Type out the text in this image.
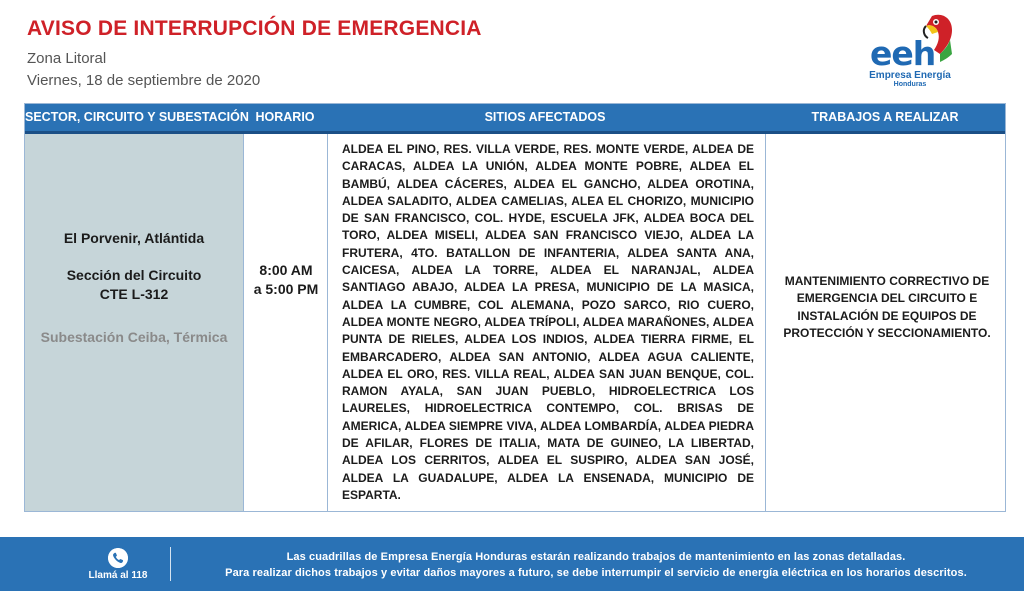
AVISO DE INTERRUPCIÓN DE EMERGENCIA
Zona Litoral
Viernes, 18 de septiembre de 2020
eeh
Empresa Energía
Honduras
SECTOR, CIRCUITO Y SUBESTACIÓN HORARIO	SITIOS AFECTADOS	TRABAJOS A REALIZAR
El Porvenir, Atlántida
Sección del Circuito
CTE L-312
Subestación Ceiba, Térmica
8:00 AM
a 5:00 PM
ALDEA EL PINO, RES. VILLA VERDE, RES. MONTE VERDE, ALDEA DE CARACAS, ALDEA LA UNIÓN, ALDEA MONTE POBRE, ALDEA EL BAMBÚ, ALDEA CÁCERES, ALDEA EL GANCHO, ALDEA OROTINA, ALDEA SALADITO, ALDEA CAMELIAS, ALEA EL CHORIZO, MUNICIPIO DE SAN FRANCISCO, COL. HYDE, ESCUELA JFK, ALDEA BOCA DEL TORO, ALDEA MISELI, ALDEA SAN FRANCISCO VIEJO, ALDEA LA FRUTERA, 4TO. BATALLON DE INFANTERIA, ALDEA SANTA ANA, CAICESA, ALDEA LA TORRE, ALDEA EL NARANJAL, ALDEA SANTIAGO ABAJO, ALDEA LA PRESA, MUNICIPIO DE LA MASICA, ALDEA LA CUMBRE, COL ALEMANA, POZO SARCO, RIO CUERO, ALDEA MONTE NEGRO, ALDEA TRÍPOLI, ALDEA MARAÑONES, ALDEA PUNTA DE RIELES, ALDEA LOS INDIOS, ALDEA TIERRA FIRME, EL EMBARCADERO, ALDEA SAN ANTONIO, ALDEA AGUA CALIENTE, ALDEA EL ORO, RES. VILLA REAL, ALDEA SAN JUAN BENQUE, COL. RAMON AYALA, SAN JUAN PUEBLO, HIDROELECTRICA LOS LAURELES, HIDROELECTRICA CONTEMPO, COL. BRISAS DE AMERICA, ALDEA SIEMPRE VIVA, ALDEA LOMBARDÍA, ALDEA PIEDRA DE AFILAR, FLORES DE ITALIA, MATA DE GUINEO, LA LIBERTAD, ALDEA LOS CERRITOS, ALDEA EL SUSPIRO, ALDEA SAN JOSÉ, ALDEA LA GUADALUPE, ALDEA LA ENSENADA, MUNICIPIO DE ESPARTA.
MANTENIMIENTO CORRECTIVO DE EMERGENCIA DEL CIRCUITO E INSTALACIÓN DE EQUIPOS DE PROTECCIÓN Y SECCIONAMIENTO.
Llamá al 118
Las cuadrillas de Empresa Energía Honduras estarán realizando trabajos de mantenimiento en las zonas detalladas.
Para realizar dichos trabajos y evitar daños mayores a futuro, se debe interrumpir el servicio de energía eléctrica en los horarios descritos.
